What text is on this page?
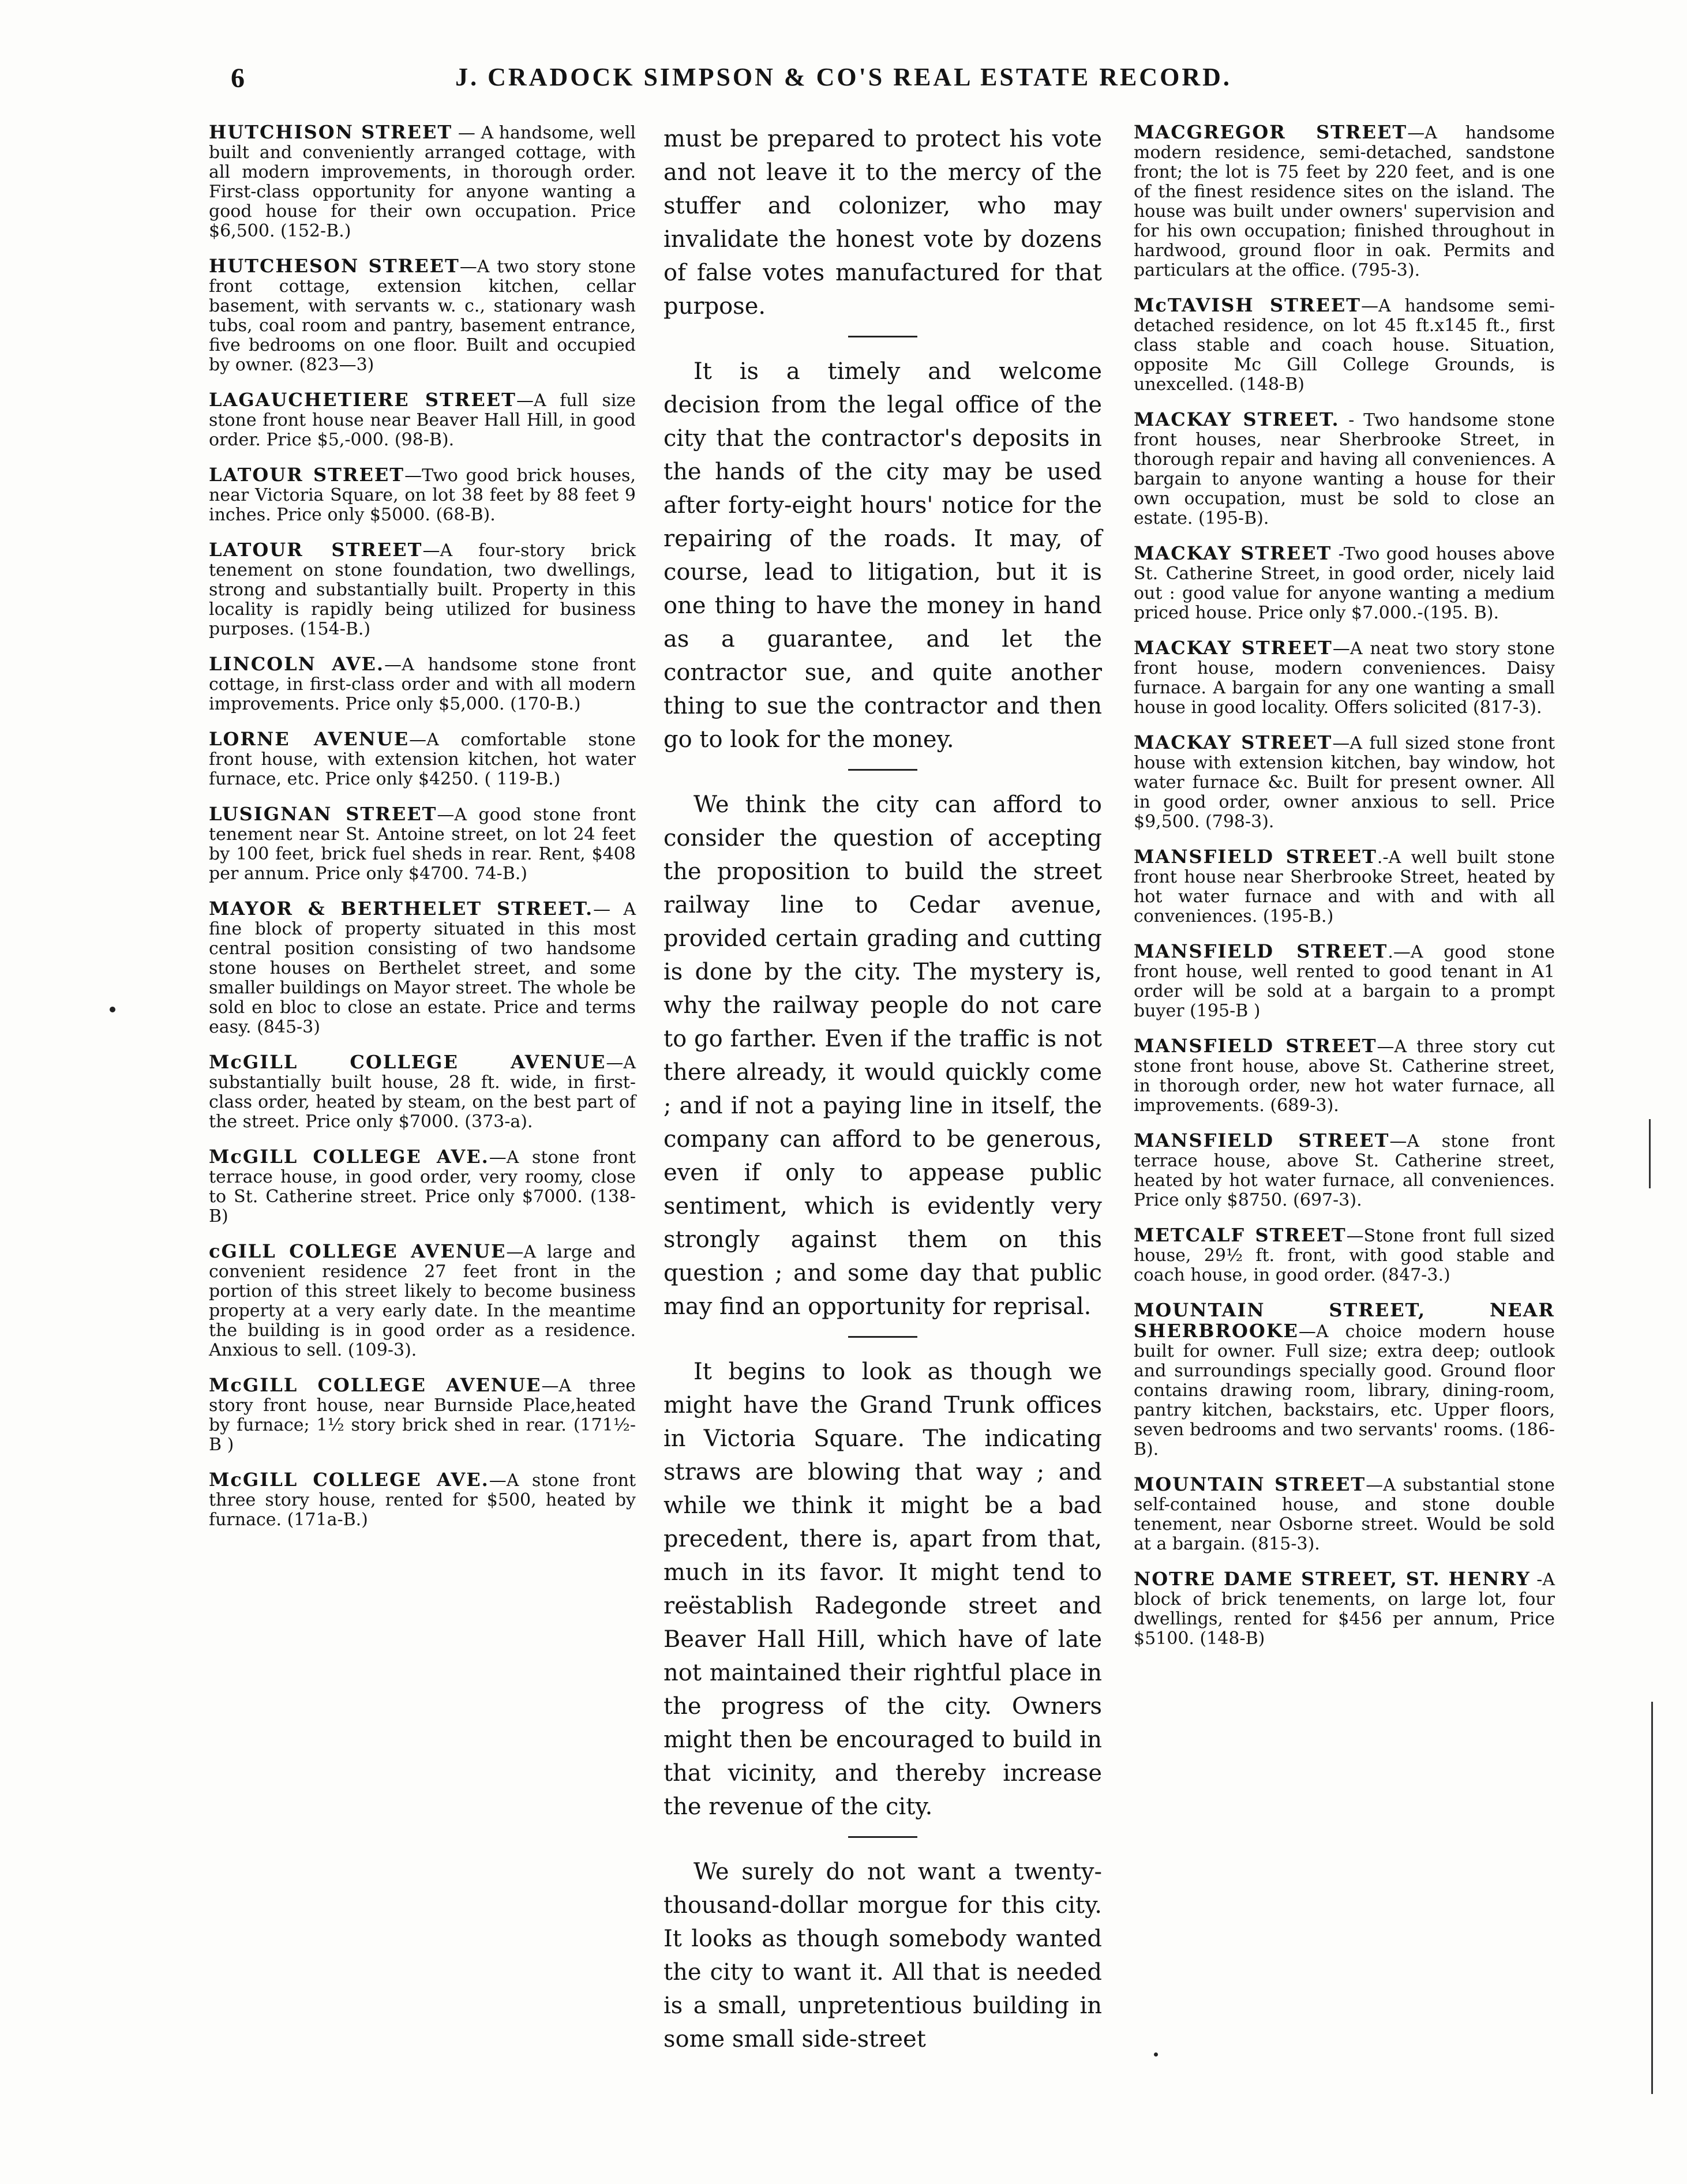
6	J. CRADOCK SIMPSON & CO'S REAL ESTATE RECORD.
HUTCHISON STREET — A handsome, well built and conveniently arranged cottage, with all modern improvements, in thorough order. First-class opportunity for anyone wanting a good house for their own occupation. Price $6,500. (152-B.)
HUTCHESON STREET—A two story stone front cottage, extension kitchen, cellar basement, with servants w. c., stationary wash tubs, coal room and pantry, basement entrance, five bedrooms on one floor. Built and occupied by owner. (823—3)
LAGAUCHETIERE STREET—A full size stone front house near Beaver Hall Hill, in good order. Price $5,-000. (98-B).
LATOUR STREET—Two good brick houses, near Victoria Square, on lot 38 feet by 88 feet 9 inches. Price only $5000. (68-B).
LATOUR STREET—A four-story brick tenement on stone foundation, two dwellings, strong and substantially built. Property in this locality is rapidly being utilized for business purposes. (154-B.)
LINCOLN AVE.—A handsome stone front cottage, in first-class order and with all modern improvements. Price only $5,000. (170-B.)
LORNE AVENUE—A comfortable stone front house, with extension kitchen, hot water furnace, etc. Price only $4250. ( 119-B.)
LUSIGNAN STREET—A good stone front tenement near St. Antoine street, on lot 24 feet by 100 feet, brick fuel sheds in rear. Rent, $408 per annum. Price only $4700. 74-B.)
MAYOR & BERTHELET STREET.— A fine block of property situated in this most central position consisting of two handsome stone houses on Berthelet street, and some smaller buildings on Mayor street. The whole be sold en bloc to close an estate. Price and terms easy. (845-3)
McGILL COLLEGE AVENUE—A substantially built house, 28 ft. wide, in first-class order, heated by steam, on the best part of the street. Price only $7000. (373-a).
McGILL COLLEGE AVE.—A stone front terrace house, in good order, very roomy, close to St. Catherine street. Price only $7000. (138-B)
cGILL COLLEGE AVENUE—A large and convenient residence 27 feet front in the portion of this street likely to become business property at a very early date. In the meantime the building is in good order as a residence. Anxious to sell. (109-3).
McGILL COLLEGE AVENUE—A three story front house, near Burnside Place,heated by furnace; 1½ story brick shed in rear. (171½-B )
McGILL COLLEGE AVE.—A stone front three story house, rented for $500, heated by furnace. (171a-B.)

must be prepared to protect his vote and not leave it to the mercy of the stuffer and colonizer, who may invalidate the honest vote by dozens of false votes manufactured for that purpose.

It is a timely and welcome decision from the legal office of the city that the contractor's deposits in the hands of the city may be used after forty-eight hours' notice for the repairing of the roads. It may, of course, lead to litigation, but it is one thing to have the money in hand as a guarantee, and let the contractor sue, and quite another thing to sue the contractor and then go to look for the money.

We think the city can afford to consider the question of accepting the proposition to build the street railway line to Cedar avenue, provided certain grading and cutting is done by the city. The mystery is, why the railway people do not care to go farther. Even if the traffic is not there already, it would quickly come ; and if not a paying line in itself, the company can afford to be generous, even if only to appease public sentiment, which is evidently very strongly against them on this question ; and some day that public may find an opportunity for reprisal.

It begins to look as though we might have the Grand Trunk offices in Victoria Square. The indicating straws are blowing that way ; and while we think it might be a bad precedent, there is, apart from that, much in its favor. It might tend to reëstablish Radegonde street and Beaver Hall Hill, which have of late not maintained their rightful place in the progress of the city. Owners might then be encouraged to build in that vicinity, and thereby increase the revenue of the city.

We surely do not want a twenty-thousand-dollar morgue for this city. It looks as though somebody wanted the city to want it. All that is needed is a small, unpretentious building in some small side-street

MACGREGOR STREET—A handsome modern residence, semi-detached, sandstone front; the lot is 75 feet by 220 feet, and is one of the finest residence sites on the island. The house was built under owners' supervision and for his own occupation; finished throughout in hardwood, ground floor in oak. Permits and particulars at the office. (795-3).
McTAVISH STREET—A handsome semi-detached residence, on lot 45 ft.x145 ft., first class stable and coach house. Situation, opposite Mc Gill College Grounds, is unexcelled. (148-B)
MACKAY STREET. - Two handsome stone front houses, near Sherbrooke Street, in thorough repair and having all conveniences. A bargain to anyone wanting a house for their own occupation, must be sold to close an estate. (195-B).
MACKAY STREET -Two good houses above St. Catherine Street, in good order, nicely laid out : good value for anyone wanting a medium priced house. Price only $7.000.-(195. B).
MACKAY STREET—A neat two story stone front house, modern conveniences. Daisy furnace. A bargain for any one wanting a small house in good locality. Offers solicited (817-3).
MACKAY STREET—A full sized stone front house with extension kitchen, bay window, hot water furnace &c. Built for present owner. All in good order, owner anxious to sell. Price $9,500. (798-3).
MANSFIELD STREET.-A well built stone front house near Sherbrooke Street, heated by hot water furnace and with and with all conveniences. (195-B.)
MANSFIELD STREET.—A good stone front house, well rented to good tenant in A1 order will be sold at a bargain to a prompt buyer (195-B )
MANSFIELD STREET—A three story cut stone front house, above St. Catherine street, in thorough order, new hot water furnace, all improvements. (689-3).
MANSFIELD STREET—A stone front terrace house, above St. Catherine street, heated by hot water furnace, all conveniences. Price only $8750. (697-3).
METCALF STREET—Stone front full sized house, 29½ ft. front, with good stable and coach house, in good order. (847-3.)
MOUNTAIN STREET, NEAR SHERBROOKE—A choice modern house built for owner. Full size; extra deep; outlook and surroundings specially good. Ground floor contains drawing room, library, dining-room, pantry kitchen, backstairs, etc. Upper floors, seven bedrooms and two servants' rooms. (186-B).
MOUNTAIN STREET—A substantial stone self-contained house, and stone double tenement, near Osborne street. Would be sold at a bargain. (815-3).
NOTRE DAME STREET, ST. HENRY -A block of brick tenements, on large lot, four dwellings, rented for $456 per annum, Price $5100. (148-B)
